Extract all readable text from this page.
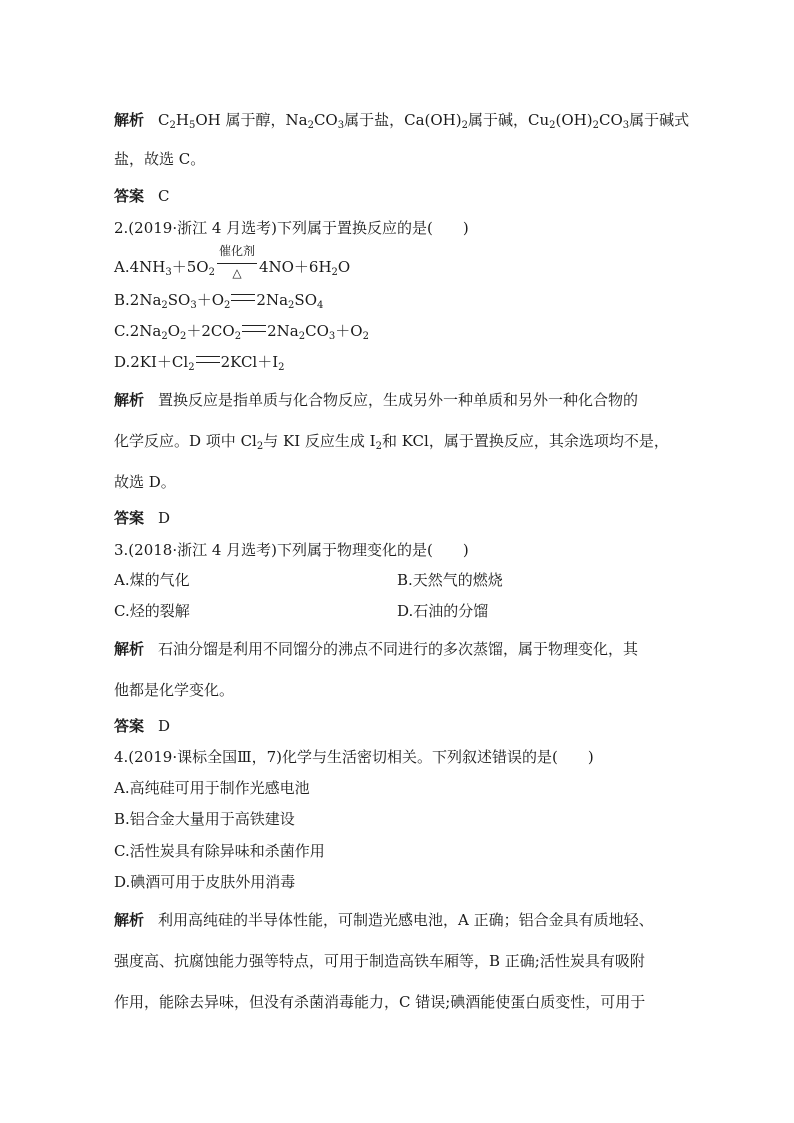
解析 $C_2H_5OH$ 属于醇，$Na_2CO_3$属于盐，$Ca(OH)_2$属于碱，$Cu_2(OH)_2CO_3$属于碱式
盐，故选 C。
答案 C
2.(2019·浙江 4 月选考)下列属于置换反应的是(　　)
$A.4NH_3+5O_2$
催化剂
△	$4NO+6H_2O$
$B.2Na_2SO_3+O_2$ $2Na_2SO_4$
$C.2Na_2O_2+2CO_2$ $2Na_2CO_3+O_2$
$D.2KI+Cl_2$ $2KCl+I_2$
解析 置换反应是指单质与化合物反应，生成另外一种单质和另外一种化合物的
化学反应。D 项中 $Cl_2$与 KI 反应生成 $I_2$和 KCl，属于置换反应，其余选项均不是，
故选 D。
答案 D
3.(2018·浙江 4 月选考)下列属于物理变化的是(　　)
A.煤的气化	B.天然气的燃烧
C.烃的裂解	D.石油的分馏
解析 石油分馏是利用不同馏分的沸点不同进行的多次蒸馏，属于物理变化，其
他都是化学变化。
答案 D
4.(2019·课标全国Ⅲ，7)化学与生活密切相关。下列叙述错误的是(　　)
A.高纯硅可用于制作光感电池
B.铝合金大量用于高铁建设
C.活性炭具有除异味和杀菌作用
D.碘酒可用于皮肤外用消毒
解析 利用高纯硅的半导体性能，可制造光感电池，A 正确；铝合金具有质地轻、
强度高、抗腐蚀能力强等特点，可用于制造高铁车厢等，B 正确;活性炭具有吸附
作用，能除去异味，但没有杀菌消毒能力，C 错误;碘酒能使蛋白质变性，可用于
